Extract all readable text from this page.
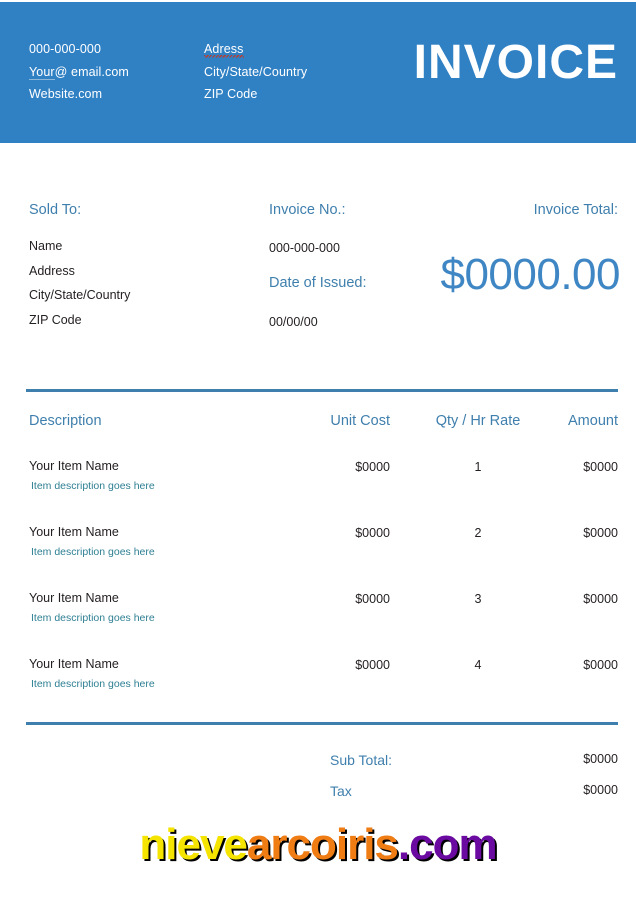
000-000-000
Your@ email.com
Website.com
Adress
City/State/Country
ZIP Code
INVOICE
Sold To:
Name
Address
City/State/Country
ZIP Code
Invoice No.:
000-000-000
Date of Issued:
00/00/00
Invoice Total:
$0000.00
Description	Unit Cost	Qty / Hr Rate	Amount
Your Item Name
Item description goes here
$0000	1	$0000
Your Item Name
Item description goes here
$0000	2	$0000
Your Item Name
Item description goes here
$0000	3	$0000
Your Item Name
Item description goes here
$0000	4	$0000
Sub Total:	$0000
Tax	$0000
nievearcoiris.com
